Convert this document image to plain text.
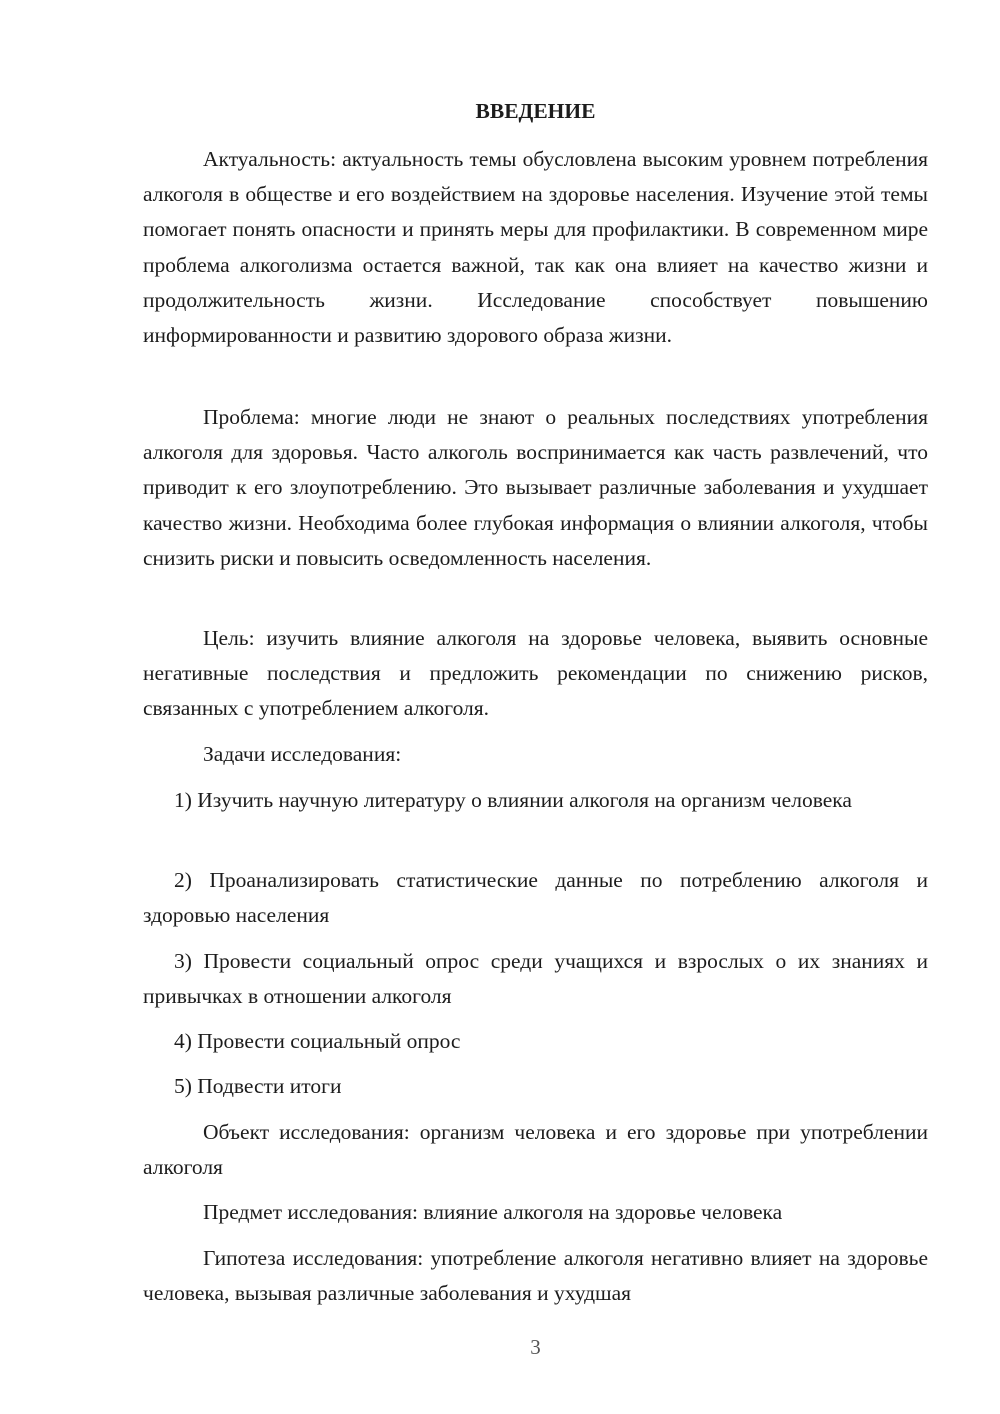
ВВЕДЕНИЕ

Актуальность: актуальность темы обусловлена высоким уровнем потребления алкоголя в обществе и его воздействием на здоровье населения. Изучение этой темы помогает понять опасности и принять меры для профилактики. В современном мире проблема алкоголизма остается важной, так как она влияет на качество жизни и продолжительность жизни. Исследование способствует повышению информированности и развитию здорового образа жизни.

Проблема: многие люди не знают о реальных последствиях употребления алкоголя для здоровья. Часто алкоголь воспринимается как часть развлечений, что приводит к его злоупотреблению. Это вызывает различные заболевания и ухудшает качество жизни. Необходима более глубокая информация о влиянии алкоголя, чтобы снизить риски и повысить осведомленность населения.

Цель: изучить влияние алкоголя на здоровье человека, выявить основные негативные последствия и предложить рекомендации по снижению рисков, связанных с употреблением алкоголя.

Задачи исследования:

1) Изучить научную литературу о влиянии алкоголя на организм человека

2) Проанализировать статистические данные по потреблению алкоголя и здоровью населения

3) Провести социальный опрос среди учащихся и взрослых о их знаниях и привычках в отношении алкоголя

4) Провести социальный опрос

5) Подвести итоги

Объект исследования: организм человека и его здоровье при употреблении алкоголя

Предмет исследования: влияние алкоголя на здоровье человека

Гипотеза исследования: употребление алкоголя негативно влияет на здоровье человека, вызывая различные заболевания и ухудшая

3
